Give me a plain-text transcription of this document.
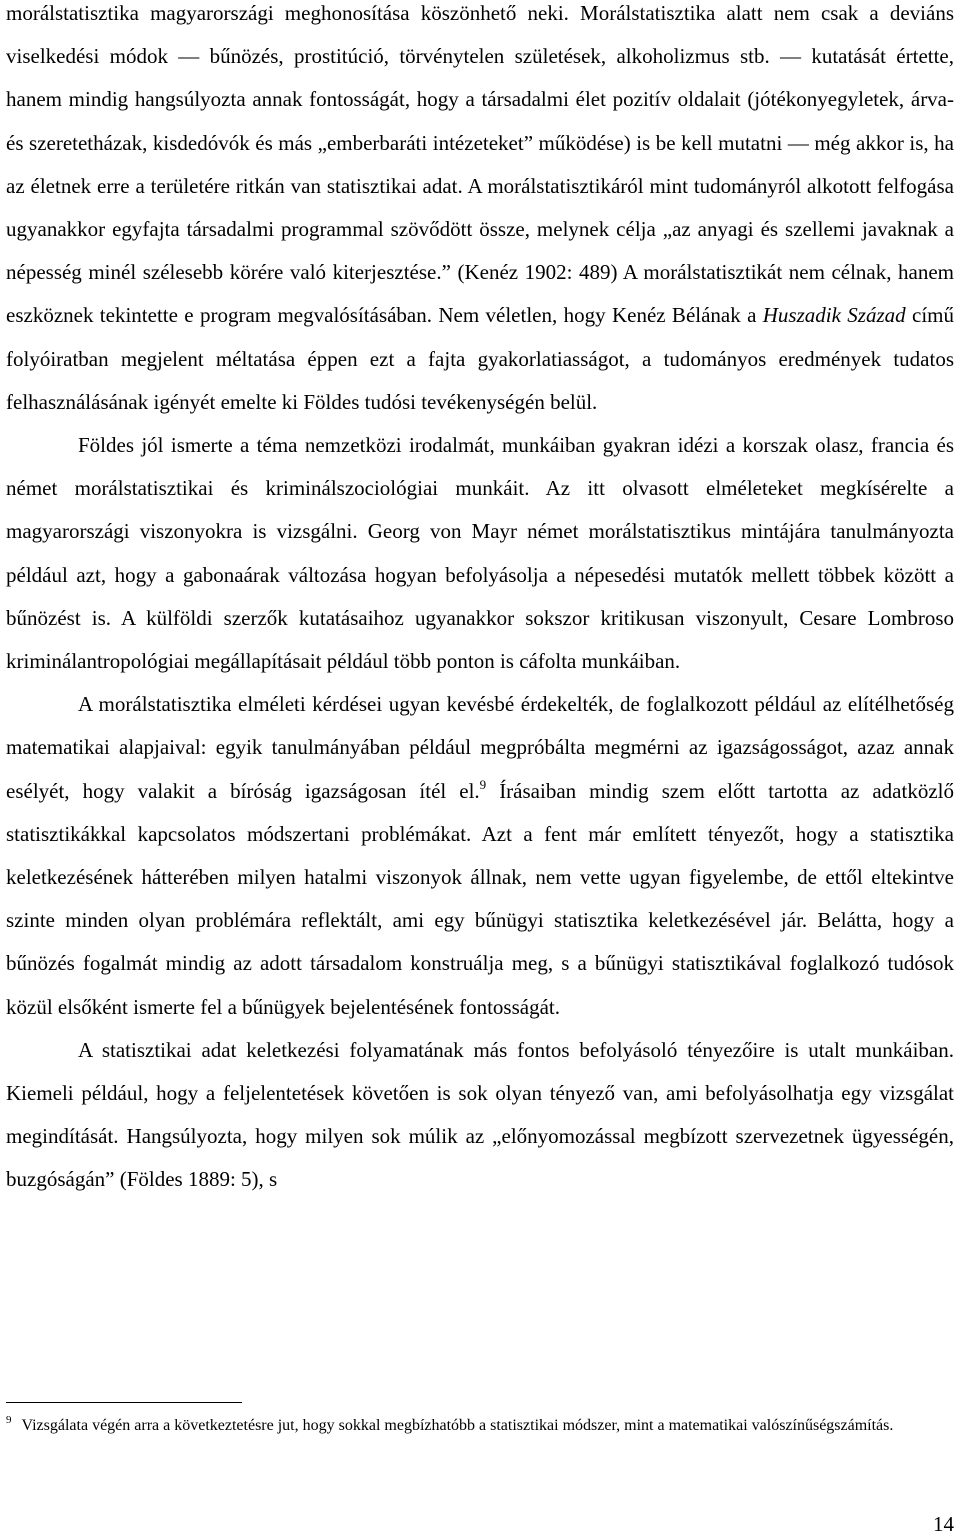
morálstatisztika magyarországi meghonosítása köszönhető neki. Morálstatisztika alatt nem csak a deviáns viselkedési módok — bűnözés, prostitúció, törvénytelen születések, alkoholizmus stb. — kutatását értette, hanem mindig hangsúlyozta annak fontosságát, hogy a társadalmi élet pozitív oldalait (jótékonyegyletek, árva- és szeretetházak, kisdedóvók és más „emberbaráti intézeteket” működése) is be kell mutatni — még akkor is, ha az életnek erre a területére ritkán van statisztikai adat. A morálstatisztikáról mint tudományról alkotott felfogása ugyanakkor egyfajta társadalmi programmal szövődött össze, melynek célja „az anyagi és szellemi javaknak a népesség minél szélesebb körére való kiterjesztése.” (Kenéz 1902: 489) A morálstatisztikát nem célnak, hanem eszköznek tekintette e program megvalósításában. Nem véletlen, hogy Kenéz Bélának a Huszadik Század című folyóiratban megjelent méltatása éppen ezt a fajta gyakorlatiasságot, a tudományos eredmények tudatos felhasználásának igényét emelte ki Földes tudósi tevékenységén belül.

Földes jól ismerte a téma nemzetközi irodalmát, munkáiban gyakran idézi a korszak olasz, francia és német morálstatisztikai és kriminálszociológiai munkáit. Az itt olvasott elméleteket megkísérelte a magyarországi viszonyokra is vizsgálni. Georg von Mayr német morálstatisztikus mintájára tanulmányozta például azt, hogy a gabonaárak változása hogyan befolyásolja a népesedési mutatók mellett többek között a bűnözést is. A külföldi szerzők kutatásaihoz ugyanakkor sokszor kritikusan viszonyult, Cesare Lombroso kriminálantropológiai megállapításait például több ponton is cáfolta munkáiban.

A morálstatisztika elméleti kérdései ugyan kevésbé érdekelték, de foglalkozott például az elítélhetőség matematikai alapjaival: egyik tanulmányában például megpróbálta megmérni az igazságosságot, azaz annak esélyét, hogy valakit a bíróság igazságosan ítél el.$^9$ Írásaiban mindig szem előtt tartotta az adatközlő statisztikákkal kapcsolatos módszertani problémákat. Azt a fent már említett tényezőt, hogy a statisztika keletkezésének hátterében milyen hatalmi viszonyok állnak, nem vette ugyan figyelembe, de ettől eltekintve szinte minden olyan problémára reflektált, ami egy bűnügyi statisztika keletkezésével jár. Belátta, hogy a bűnözés fogalmát mindig az adott társadalom konstruálja meg, s a bűnügyi statisztikával foglalkozó tudósok közül elsőként ismerte fel a bűnügyek bejelentésének fontosságát.

A statisztikai adat keletkezési folyamatának más fontos befolyásoló tényezőire is utalt munkáiban. Kiemeli például, hogy a feljelentetések követően is sok olyan tényező van, ami befolyásolhatja egy vizsgálat megindítását. Hangsúlyozta, hogy milyen sok múlik az „előnyomozással megbízott szervezetnek ügyességén, buzgóságán” (Földes 1889: 5), s

$^9$ Vizsgálata végén arra a következtetésre jut, hogy sokkal megbízhatóbb a statisztikai módszer, mint a matematikai valószínűségszámítás.

14
